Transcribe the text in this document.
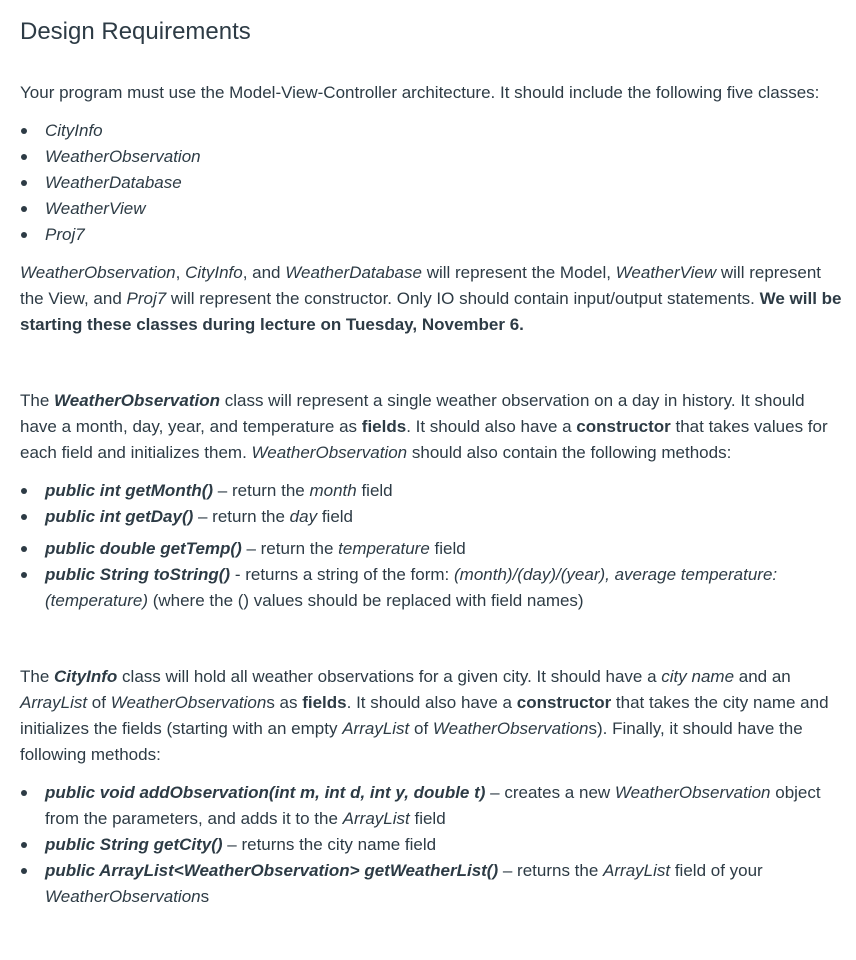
Design Requirements

Your program must use the Model-View-Controller architecture. It should include the following five classes:

CityInfo
WeatherObservation
WeatherDatabase
WeatherView
Proj7

WeatherObservation, CityInfo, and WeatherDatabase will represent the Model, WeatherView will represent the View, and Proj7 will represent the constructor. Only IO should contain input/output statements. We will be starting these classes during lecture on Tuesday, November 6.

The WeatherObservation class will represent a single weather observation on a day in history. It should have a month, day, year, and temperature as fields. It should also have a constructor that takes values for each field and initializes them. WeatherObservation should also contain the following methods:

public int getMonth() – return the month field
public int getDay() – return the day field
public double getTemp() – return the temperature field
public String toString() - returns a string of the form: (month)/(day)/(year), average temperature: (temperature) (where the () values should be replaced with field names)

The CityInfo class will hold all weather observations for a given city. It should have a city name and an ArrayList of WeatherObservations as fields. It should also have a constructor that takes the city name and initializes the fields (starting with an empty ArrayList of WeatherObservations). Finally, it should have the following methods:

public void addObservation(int m, int d, int y, double t) – creates a new WeatherObservation object from the parameters, and adds it to the ArrayList field
public String getCity() – returns the city name field
public ArrayList<WeatherObservation> getWeatherList() – returns the ArrayList field of your WeatherObservations
